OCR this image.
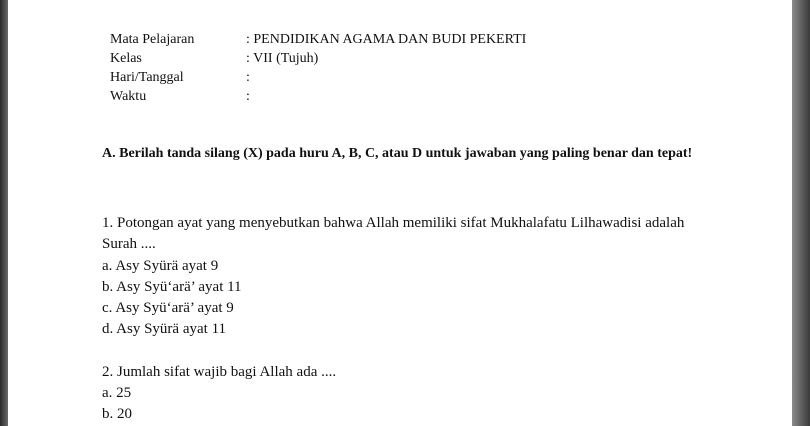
Mata Pelajaran	: PENDIDIKAN AGAMA DAN BUDI PEKERTI
Kelas	: VII (Tujuh)
Hari/Tanggal	:
Waktu	:
A. Berilah tanda silang (X) pada huru A, B, C, atau D untuk jawaban yang paling benar dan tepat!
1. Potongan ayat yang menyebutkan bahwa Allah memiliki sifat Mukhalafatu Lilhawadisi adalah Surah ....
a. Asy Syürä ayat 9
b. Asy Syü‘arä’ ayat 11
c. Asy Syü‘arä’ ayat 9
d. Asy Syürä ayat 11
2. Jumlah sifat wajib bagi Allah ada ....
a. 25
b. 20
